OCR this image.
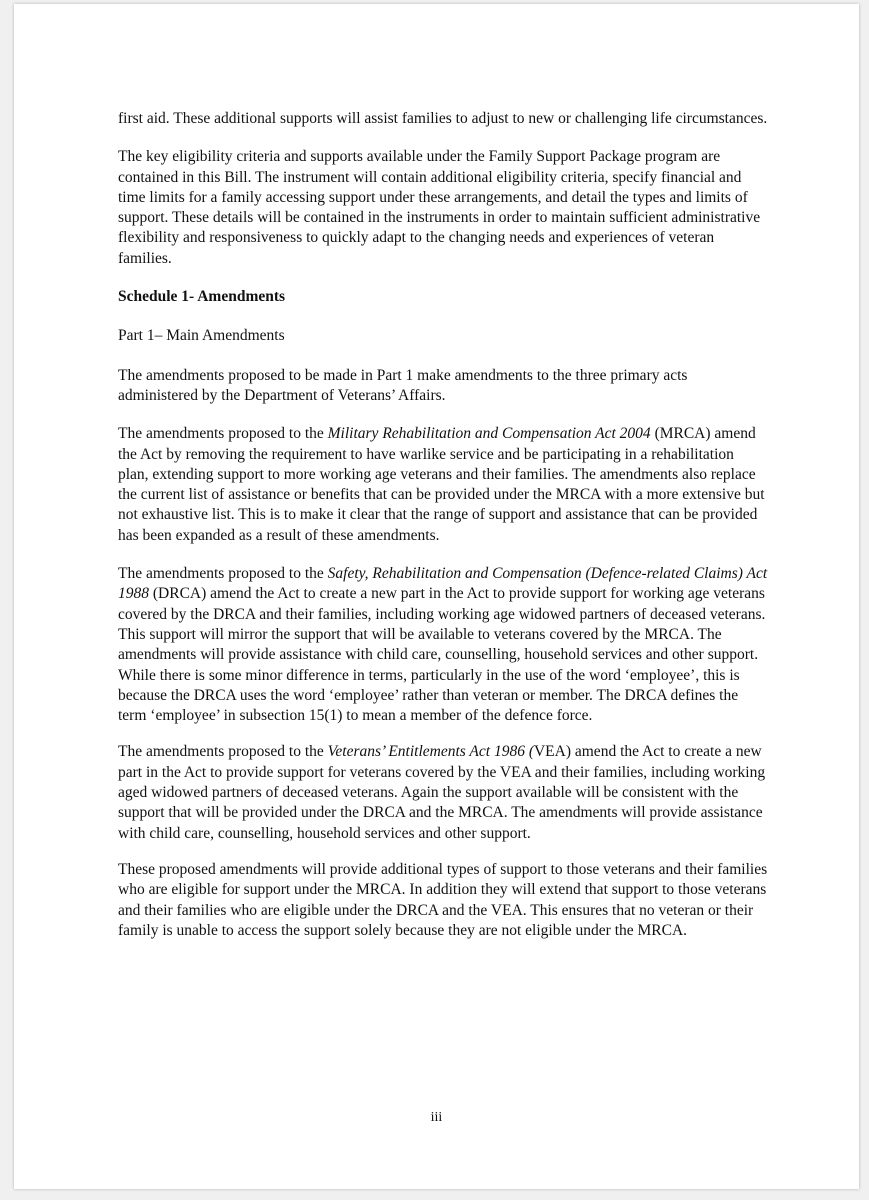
first aid. These additional supports will assist families to adjust to new or challenging life circumstances.

The key eligibility criteria and supports available under the Family Support Package program are contained in this Bill. The instrument will contain additional eligibility criteria, specify financial and time limits for a family accessing support under these arrangements, and detail the types and limits of support. These details will be contained in the instruments in order to maintain sufficient administrative flexibility and responsiveness to quickly adapt to the changing needs and experiences of veteran families.

Schedule 1- Amendments
Part 1– Main Amendments

The amendments proposed to be made in Part 1 make amendments to the three primary acts administered by the Department of Veterans’ Affairs.

The amendments proposed to the Military Rehabilitation and Compensation Act 2004 (MRCA) amend the Act by removing the requirement to have warlike service and be participating in a rehabilitation plan, extending support to more working age veterans and their families. The amendments also replace the current list of assistance or benefits that can be provided under the MRCA with a more extensive but not exhaustive list. This is to make it clear that the range of support and assistance that can be provided has been expanded as a result of these amendments.

The amendments proposed to the Safety, Rehabilitation and Compensation (Defence-related Claims) Act 1988 (DRCA) amend the Act to create a new part in the Act to provide support for working age veterans covered by the DRCA and their families, including working age widowed partners of deceased veterans. This support will mirror the support that will be available to veterans covered by the MRCA. The amendments will provide assistance with child care, counselling, household services and other support. While there is some minor difference in terms, particularly in the use of the word ‘employee’, this is because the DRCA uses the word ‘employee’ rather than veteran or member. The DRCA defines the term ‘employee’ in subsection 15(1) to mean a member of the defence force.

The amendments proposed to the Veterans’ Entitlements Act 1986 (VEA) amend the Act to create a new part in the Act to provide support for veterans covered by the VEA and their families, including working aged widowed partners of deceased veterans. Again the support available will be consistent with the support that will be provided under the DRCA and the MRCA. The amendments will provide assistance with child care, counselling, household services and other support.

These proposed amendments will provide additional types of support to those veterans and their families who are eligible for support under the MRCA. In addition they will extend that support to those veterans and their families who are eligible under the DRCA and the VEA. This ensures that no veteran or their family is unable to access the support solely because they are not eligible under the MRCA.

iii
